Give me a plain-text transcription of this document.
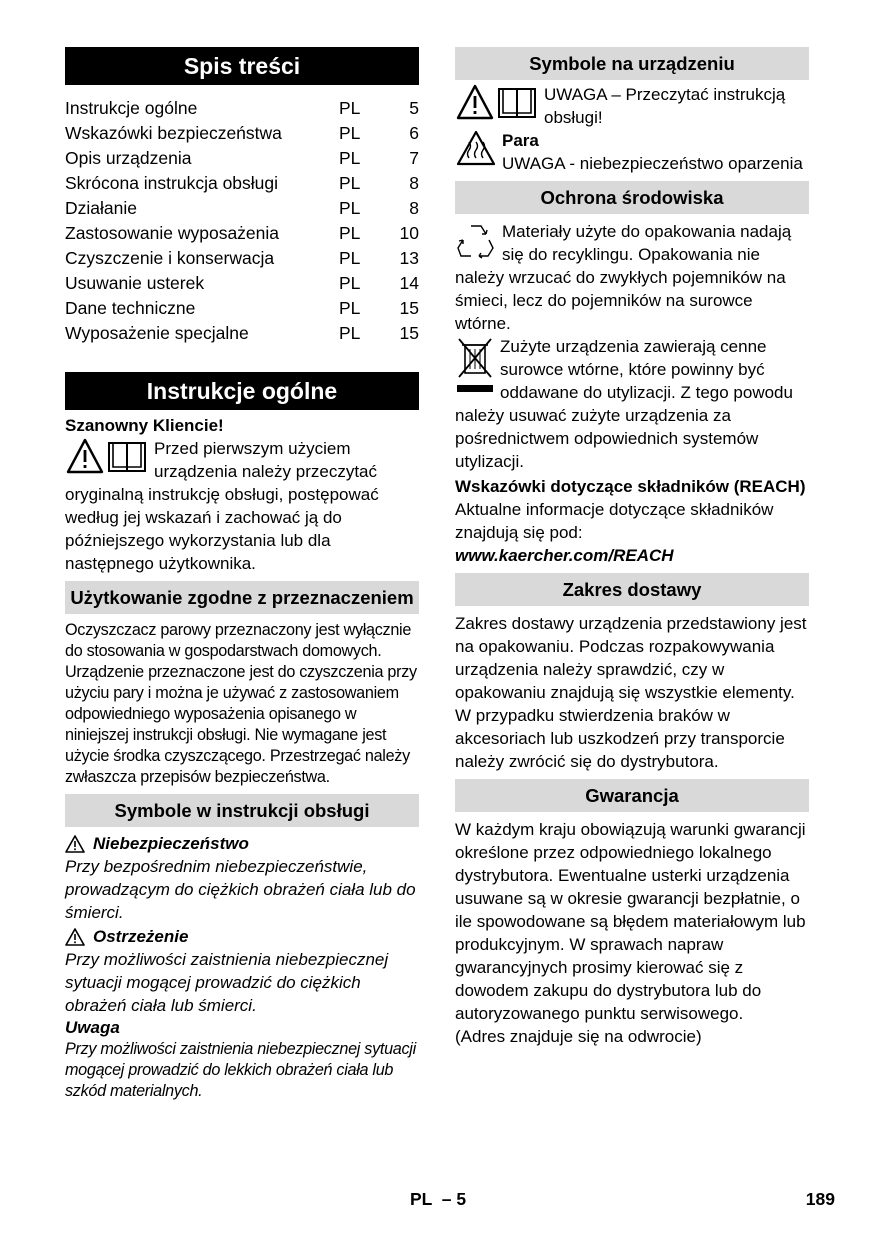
Spis treści
Instrukcje ogólne	PL	5
Wskazówki bezpieczeństwa	PL	6
Opis urządzenia	PL	7
Skrócona instrukcja obsługi	PL	8
Działanie	PL	8
Zastosowanie wyposażenia	PL	10
Czyszczenie i konserwacja	PL	13
Usuwanie usterek	PL	14
Dane techniczne	PL	15
Wyposażenie specjalne	PL	15
Instrukcje ogólne
Szanowny Kliencie!
Przed pierwszym użyciem urządzenia należy przeczytać oryginalną instrukcję obsługi, postępować według jej wskazań i zachować ją do późniejszego wykorzystania lub dla następnego użytkownika.
Użytkowanie zgodne z przeznaczeniem
Oczyszczacz parowy przeznaczony jest wyłącznie do stosowania w gospodarstwach domowych.
Urządzenie przeznaczone jest do czyszczenia przy użyciu pary i można je używać z zastosowaniem odpowiedniego wyposażenia opisanego w niniejszej instrukcji obsługi. Nie wymagane jest użycie środka czyszczącego. Przestrzegać należy zwłaszcza przepisów bezpieczeństwa.
Symbole w instrukcji obsługi
Niebezpieczeństwo
Przy bezpośrednim niebezpieczeństwie, prowadzącym do ciężkich obrażeń ciała lub do śmierci.
Ostrzeżenie
Przy możliwości zaistnienia niebezpiecznej sytuacji mogącej prowadzić do ciężkich obrażeń ciała lub śmierci.
Uwaga
Przy możliwości zaistnienia niebezpiecznej sytuacji mogącej prowadzić do lekkich obrażeń ciała lub szkód materialnych.
Symbole na urządzeniu
UWAGA – Przeczytać instrukcją obsługi!
Para
UWAGA - niebezpieczeństwo oparzenia
Ochrona środowiska
Materiały użyte do opakowania nadają się do recyklingu. Opakowania nie należy wrzucać do zwykłych pojemników na śmieci, lecz do pojemników na surowce wtórne.
Zużyte urządzenia zawierają cenne surowce wtórne, które powinny być oddawane do utylizacji. Z tego powodu należy usuwać zużyte urządzenia za pośrednictwem odpowiednich systemów utylizacji.
Wskazówki dotyczące składników (REACH)
Aktualne informacje dotyczące składników znajdują się pod:
www.kaercher.com/REACH
Zakres dostawy
Zakres dostawy urządzenia przedstawiony jest na opakowaniu. Podczas rozpakowywania urządzenia należy sprawdzić, czy w opakowaniu znajdują się wszystkie elementy.
W przypadku stwierdzenia braków w akcesoriach lub uszkodzeń przy transporcie należy zwrócić się do dystrybutora.
Gwarancja
W każdym kraju obowiązują warunki gwarancji określone przez odpowiedniego lokalnego dystrybutora. Ewentualne usterki urządzenia usuwane są w okresie gwarancji bezpłatnie, o ile spowodowane są błędem materiałowym lub produkcyjnym. W sprawach napraw gwarancyjnych prosimy kierować się z dowodem zakupu do dystrybutora lub do autoryzowanego punktu serwisowego.
(Adres znajduje się na odwrocie)
PL  – 5	189
